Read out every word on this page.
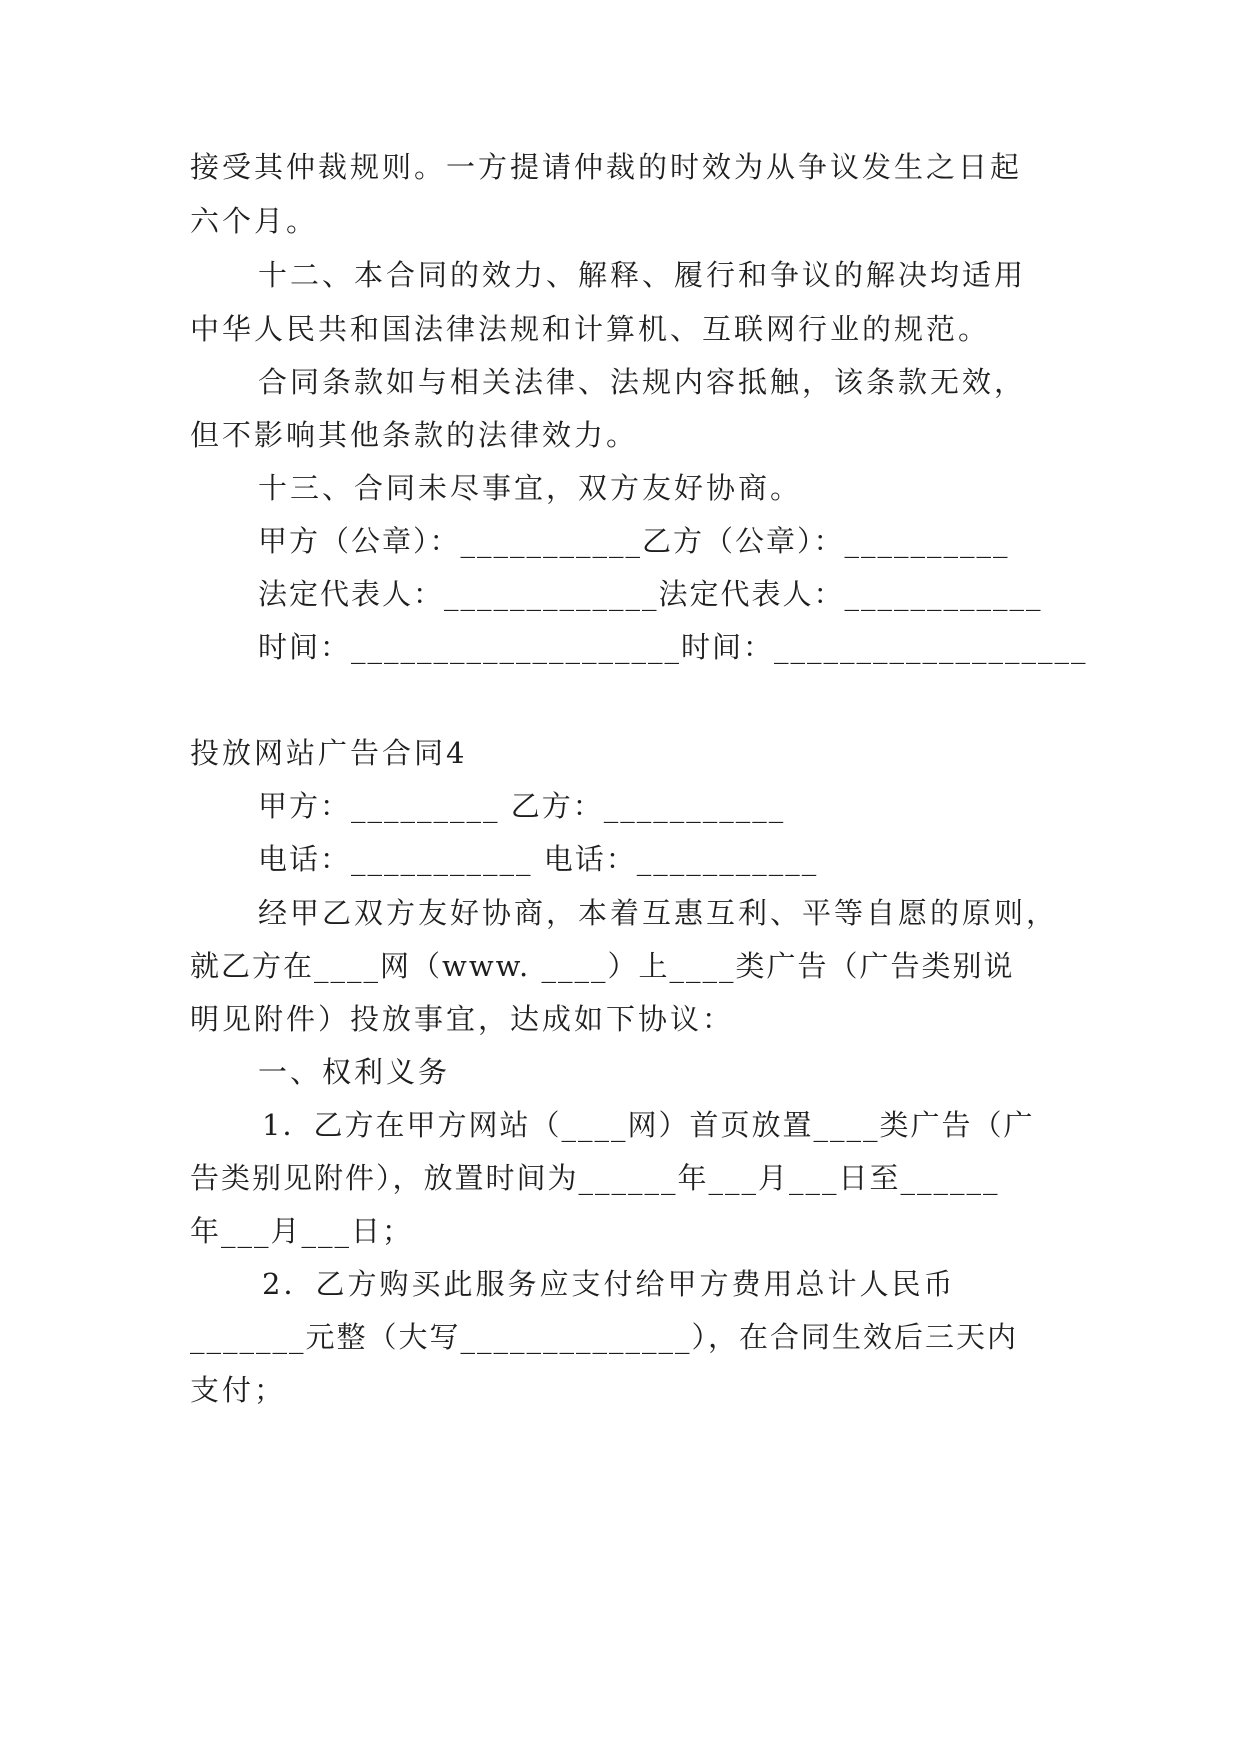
接受其仲裁规则。一方提请仲裁的时效为从争议发生之日起
六个月。
十二、本合同的效力、解释、履行和争议的解决均适用
中华人民共和国法律法规和计算机、互联网行业的规范。
合同条款如与相关法律、法规内容抵触，该条款无效，
但不影响其他条款的法律效力。
十三、合同未尽事宜，双方友好协商。
甲方（公章）：___________乙方（公章）：__________
法定代表人：_____________法定代表人：____________
时间：____________________时间：___________________
投放网站广告合同4
甲方：_________ 乙方：___________
电话：___________ 电话：___________
经甲乙双方友好协商，本着互惠互利、平等自愿的原则，
就乙方在____网（www. ____）上____类广告（广告类别说
明见附件）投放事宜，达成如下协议：
一、权利义务
1．乙方在甲方网站（____网）首页放置____类广告（广
告类别见附件），放置时间为______年___月___日至______
年___月___日；
2．乙方购买此服务应支付给甲方费用总计人民币
_______元整（大写______________），在合同生效后三天内
支付；
